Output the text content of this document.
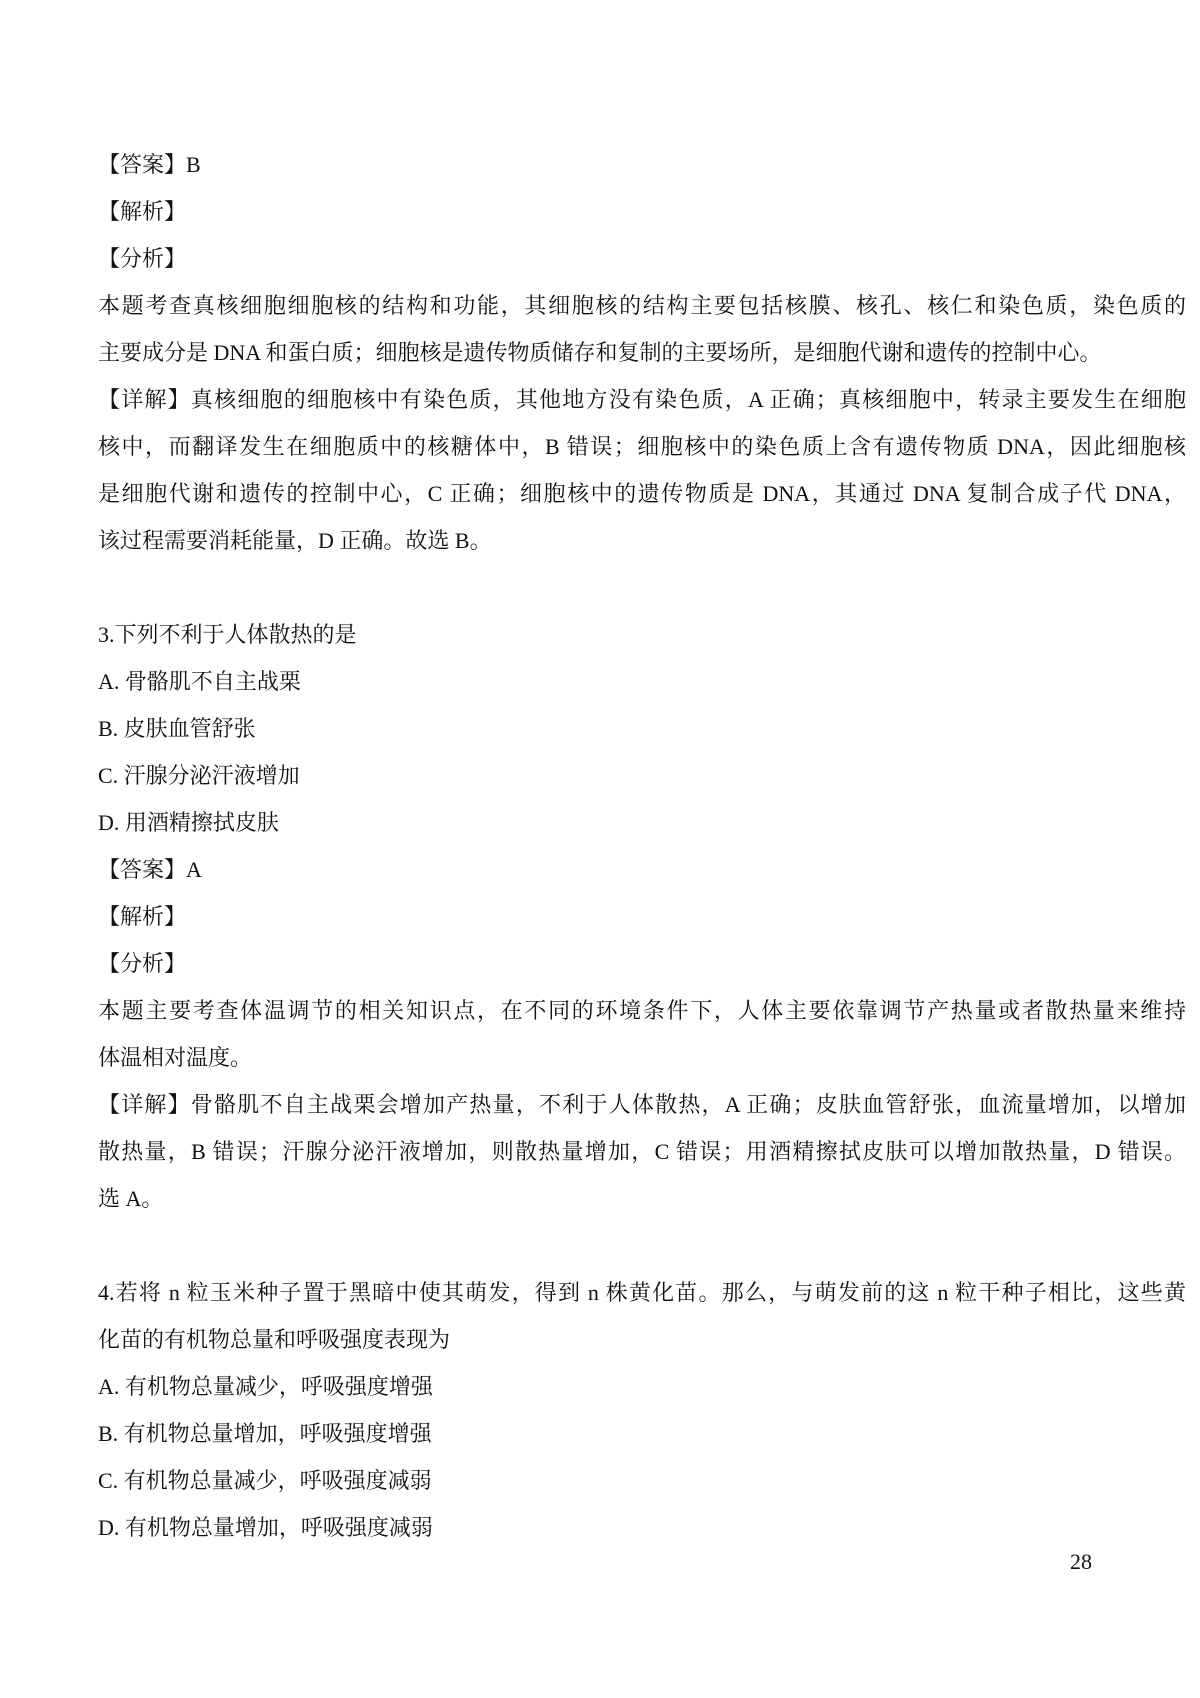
【答案】B
【解析】
【分析】
本题考查真核细胞细胞核的结构和功能，其细胞核的结构主要包括核膜、核孔、核仁和染色质，染色质的
主要成分是 DNA 和蛋白质；细胞核是遗传物质储存和复制的主要场所，是细胞代谢和遗传的控制中心。
【详解】真核细胞的细胞核中有染色质，其他地方没有染色质，A 正确；真核细胞中，转录主要发生在细胞
核中，而翻译发生在细胞质中的核糖体中，B 错误；细胞核中的染色质上含有遗传物质 DNA，因此细胞核
是细胞代谢和遗传的控制中心，C 正确；细胞核中的遗传物质是 DNA，其通过 DNA 复制合成子代 DNA，
该过程需要消耗能量，D 正确。故选 B。
3.下列不利于人体散热的是
A. 骨骼肌不自主战栗
B. 皮肤血管舒张
C. 汗腺分泌汗液增加
D. 用酒精擦拭皮肤
【答案】A
【解析】
【分析】
本题主要考查体温调节的相关知识点，在不同的环境条件下，人体主要依靠调节产热量或者散热量来维持
体温相对温度。
【详解】骨骼肌不自主战栗会增加产热量，不利于人体散热，A 正确；皮肤血管舒张，血流量增加，以增加
散热量，B 错误；汗腺分泌汗液增加，则散热量增加，C 错误；用酒精擦拭皮肤可以增加散热量，D 错误。
选 A。
4.若将 n 粒玉米种子置于黑暗中使其萌发，得到 n 株黄化苗。那么，与萌发前的这 n 粒干种子相比，这些黄
化苗的有机物总量和呼吸强度表现为
A. 有机物总量减少，呼吸强度增强
B. 有机物总量增加，呼吸强度增强
C. 有机物总量减少，呼吸强度减弱
D. 有机物总量增加，呼吸强度减弱
28
